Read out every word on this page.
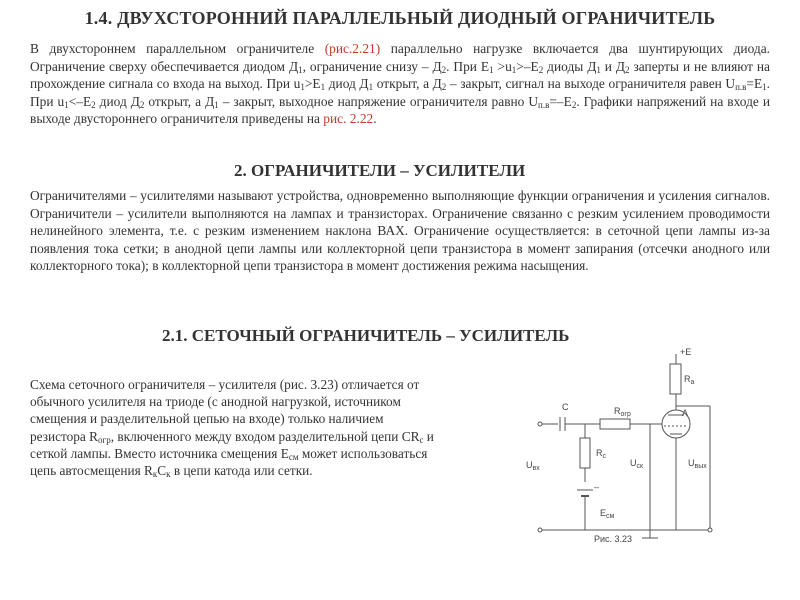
1.4. ДВУХСТОРОННИЙ ПАРАЛЛЕЛЬНЫЙ ДИОДНЫЙ ОГРАНИЧИТЕЛЬ
В двухстороннем параллельном ограничителе (рис.2.21) параллельно нагрузке включается два шунтирующих диода. Ограничение сверху обеспечивается диодом $Д_1$, ограничение снизу – $Д_2$. При $Е_1 >u_1>-Е_2$ диоды $Д_1$ и $Д_2$ заперты и не влияют на прохождение сигнала со входа на выход. При $u_1>Е_1$ диод $Д_1$ открыт, а $Д_2$ – закрыт, сигнал на выходе ограничителя равен $U_{п.в}=Е_1$. При $u_1<-Е_2$ диод $Д_2$ открыт, а $Д_1$ – закрыт, выходное напряжение ограничителя равно $U_{п.в}=-Е_2$. Графики напряжений на входе и выходе двустороннего ограничителя приведены на рис. 2.22.
2. ОГРАНИЧИТЕЛИ – УСИЛИТЕЛИ
Ограничителями – усилителями называют устройства, одновременно выполняющие функции ограничения и усиления сигналов. Ограничители – усилители выполняются на лампах и транзисторах. Ограничение связанно с резким усилением проводимости нелинейного элемента, т.е. с резким изменением наклона ВАХ. Ограничение осуществляется: в сеточной цепи лампы из-за появления тока сетки; в анодной цепи лампы или коллекторной цепи транзистора в момент запирания (отсечки анодного или коллекторного тока); в коллекторной цепи транзистора в момент достижения режима насыщения.
2.1. СЕТОЧНЫЙ ОГРАНИЧИТЕЛЬ – УСИЛИТЕЛЬ
Схема сеточного ограничителя – усилителя (рис. 3.23) отличается от обычного усилителя на триоде (с анодной нагрузкой, источником смещения и разделительной цепью на входе) только наличием резистора $R_{огр}$, включенного между входом разделительной цепи $CR_с$ и сеткой лампы. Вместо источника смещения $Е_{см}$ может использоваться цепь автосмещения $R_кС_к$ в цепи катода или сетки.
+E
$R_a$
C	$R_{огр}$	Λ
$U_{вх}$
$R_c$
$U_{ск}$	$U_{вых}$
–
$Е_{см}$
Рис. 3.23
